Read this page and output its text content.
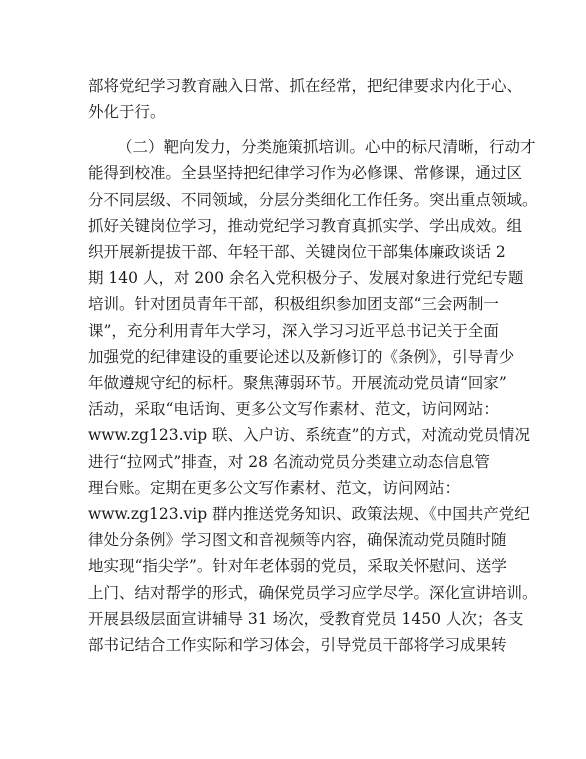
部将党纪学习教育融入日常、抓在经常，把纪律要求内化于心、
外化于行。
（二）靶向发力，分类施策抓培训。心中的标尺清晰，行动才
能得到校准。全县坚持把纪律学习作为必修课、常修课，通过区
分不同层级、不同领域，分层分类细化工作任务。突出重点领域。
抓好关键岗位学习，推动党纪学习教育真抓实学、学出成效。组
织开展新提拔干部、年轻干部、关键岗位干部集体廉政谈话 2
期 140 人，对 200 余名入党积极分子、发展对象进行党纪专题
培训。针对团员青年干部，积极组织参加团支部“三会两制一
课”，充分利用青年大学习，深入学习习近平总书记关于全面
加强党的纪律建设的重要论述以及新修订的《条例》，引导青少
年做遵规守纪的标杆。聚焦薄弱环节。开展流动党员请“回家”
活动，采取“电话询、更多公文写作素材、范文，访问网站：
www.zg123.vip 联、入户访、系统查”的方式，对流动党员情况
进行“拉网式”排查，对 28 名流动党员分类建立动态信息管
理台账。定期在更多公文写作素材、范文，访问网站：
www.zg123.vip 群内推送党务知识、政策法规、《中国共产党纪
律处分条例》学习图文和音视频等内容，确保流动党员随时随
地实现“指尖学”。针对年老体弱的党员，采取关怀慰问、送学
上门、结对帮学的形式，确保党员学习应学尽学。深化宣讲培训。
开展县级层面宣讲辅导 31 场次，受教育党员 1450 人次；各支
部书记结合工作实际和学习体会，引导党员干部将学习成果转
